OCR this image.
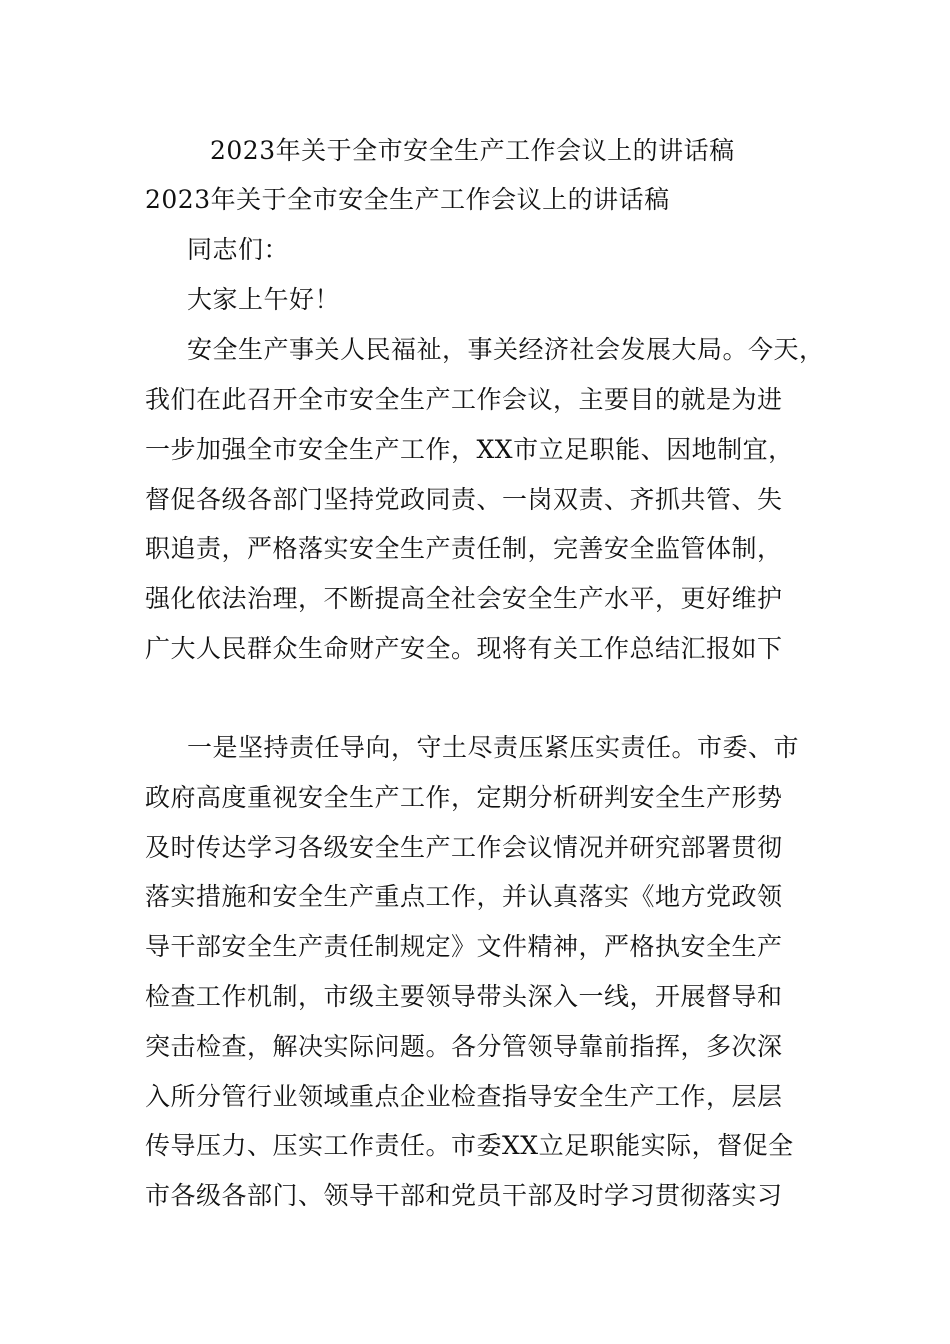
2023年关于全市安全生产工作会议上的讲话稿
2023年关于全市安全生产工作会议上的讲话稿
同志们：
大家上午好！
安全生产事关人民福祉，事关经济社会发展大局。今天，
我们在此召开全市安全生产工作会议，主要目的就是为进
一步加强全市安全生产工作，XX市立足职能、因地制宜，
督促各级各部门坚持党政同责、一岗双责、齐抓共管、失
职追责，严格落实安全生产责任制，完善安全监管体制，
强化依法治理，不断提高全社会安全生产水平，更好维护
广大人民群众生命财产安全。现将有关工作总结汇报如下
一是坚持责任导向，守土尽责压紧压实责任。市委、市
政府高度重视安全生产工作，定期分析研判安全生产形势
及时传达学习各级安全生产工作会议情况并研究部署贯彻
落实措施和安全生产重点工作，并认真落实《地方党政领
导干部安全生产责任制规定》文件精神，严格执安全生产
检查工作机制，市级主要领导带头深入一线，开展督导和
突击检查，解决实际问题。各分管领导靠前指挥，多次深
入所分管行业领域重点企业检查指导安全生产工作，层层
传导压力、压实工作责任。市委XX立足职能实际，督促全
市各级各部门、领导干部和党员干部及时学习贯彻落实习
